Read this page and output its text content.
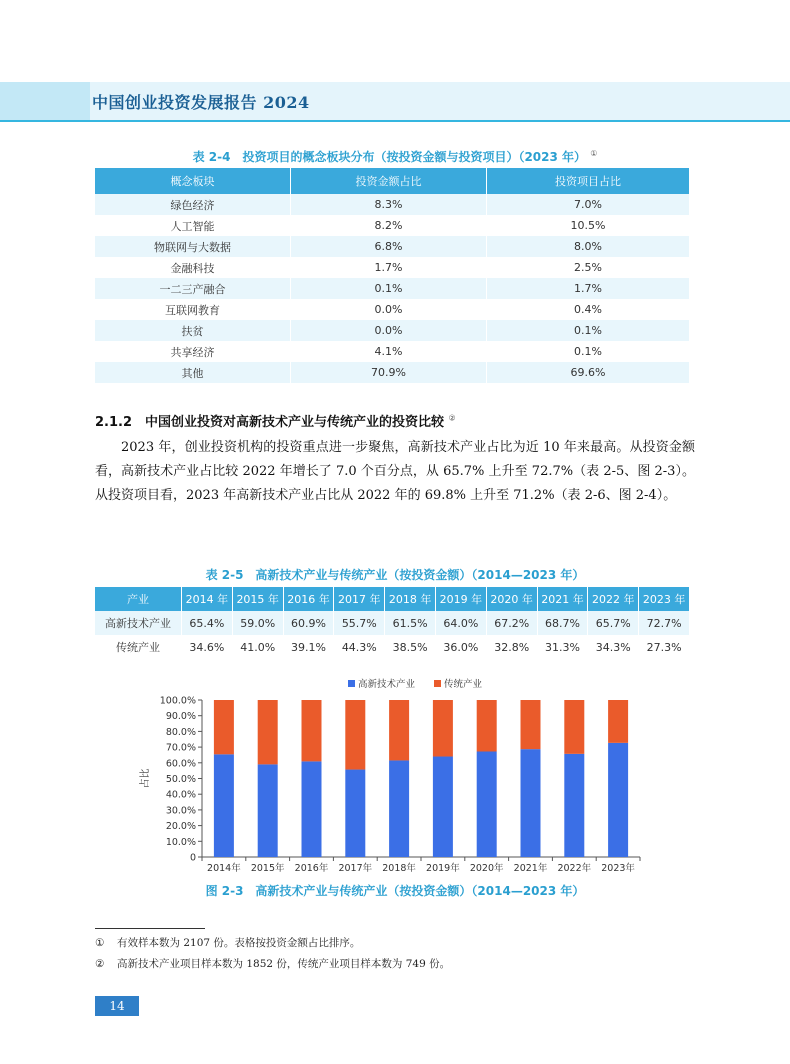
中国创业投资发展报告 2024
表 2-4　投资项目的概念板块分布（按投资金额与投资项目）（2023 年） ①
概念板块	投资金额占比	投资项目占比
绿色经济	8.3%	7.0%
人工智能	8.2%	10.5%
物联网与大数据	6.8%	8.0%
金融科技	1.7%	2.5%
一二三产融合	0.1%	1.7%
互联网教育	0.0%	0.4%
扶贫	0.0%	0.1%
共享经济	4.1%	0.1%
其他	70.9%	69.6%
2.1.2　中国创业投资对高新技术产业与传统产业的投资比较 ②

2023 年，创业投资机构的投资重点进一步聚焦，高新技术产业占比为近 10 年来最高。从投资金额看，高新技术产业占比较 2022 年增长了 7.0 个百分点，从 65.7% 上升至 72.7%（表 2-5、图 2-3）。从投资项目看，2023 年高新技术产业占比从 2022 年的 69.8% 上升至 71.2%（表 2-6、图 2-4）。

表 2-5　高新技术产业与传统产业（按投资金额）（2014—2023 年）
产业	2014 年	2015 年	2016 年	2017 年	2018 年	2019 年	2020 年	2021 年	2022 年	2023 年
高新技术产业	65.4%	59.0%	60.9%	55.7%	61.5%	64.0%	67.2%	68.7%	65.7%	72.7%
传统产业	34.6%	41.0%	39.1%	44.3%	38.5%	36.0%	32.8%	31.3%	34.3%	27.3%
高新技术产业	传统产业
0
10.0%
20.0%
30.0%
40.0%
50.0%
60.0%
70.0%
80.0%
90.0%
100.0%
占比
2014年 2015年 2016年 2017年 2018年 2019年 2020年 2021年 2022年 2023年
图 2-3　高新技术产业与传统产业（按投资金额）（2014—2023 年）
① 有效样本数为 2107 份。表格按投资金额占比排序。
② 高新技术产业项目样本数为 1852 份，传统产业项目样本数为 749 份。
14
